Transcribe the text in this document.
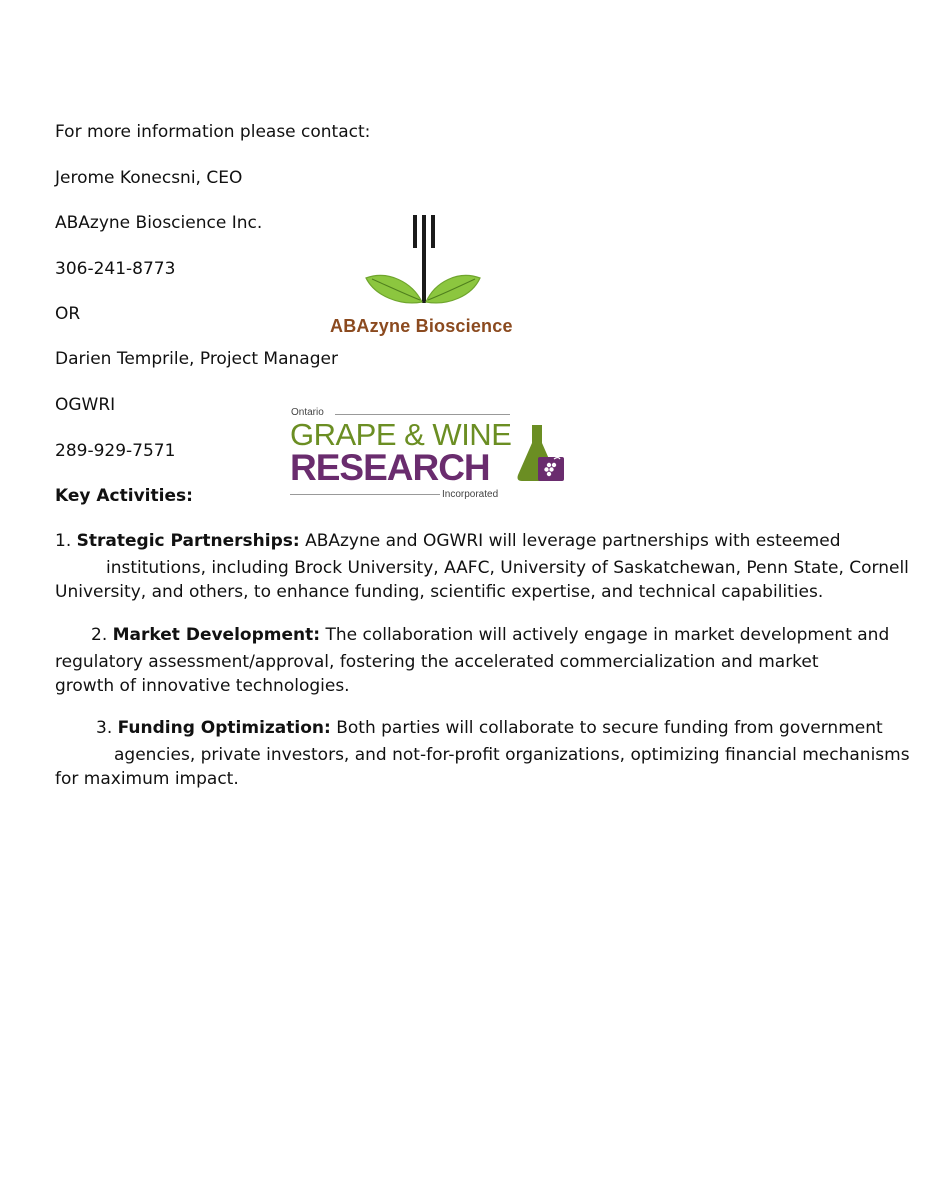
For more information please contact:
Jerome Konecsni, CEO
ABAzyne Bioscience Inc.
306-241-8773
OR
Darien Temprile, Project Manager
OGWRI
289-929-7571
Key Activities:
ABAzyne Bioscience
Ontario
GRAPE & WINE
RESEARCH
Incorporated
1. Strategic Partnerships: ABAzyne and OGWRI will leverage partnerships with esteemed
institutions, including Brock University, AAFC, University of Saskatchewan, Penn State, Cornell
University, and others, to enhance funding, scientific expertise, and technical capabilities.
2. Market Development: The collaboration will actively engage in market development and
regulatory assessment/approval, fostering the accelerated commercialization and market
growth of innovative technologies.
3. Funding Optimization: Both parties will collaborate to secure funding from government
agencies, private investors, and not-for-profit organizations, optimizing financial mechanisms
for maximum impact.
